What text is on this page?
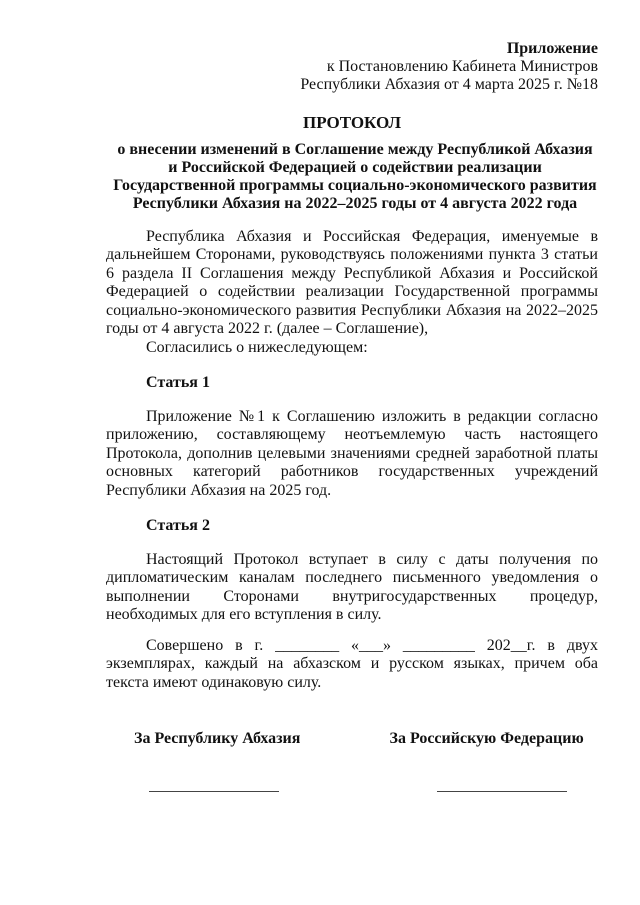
Приложение
к Постановлению Кабинета Министров
Республики Абхазия от 4 марта 2025 г. №18
ПРОТОКОЛ
о внесении изменений в Соглашение между Республикой Абхазия и Российской Федерацией о содействии реализации Государственной программы социально-экономического развития Республики Абхазия на 2022–2025 годы от 4 августа 2022 года
Республика Абхазия и Российская Федерация, именуемые в дальнейшем Сторонами, руководствуясь положениями пункта 3 статьи 6 раздела II Соглашения между Республикой Абхазия и Российской Федерацией о содействии реализации Государственной программы социально-экономического развития Республики Абхазия на 2022–2025 годы от 4 августа 2022 г. (далее – Соглашение),
Согласились о нижеследующем:
Статья 1
Приложение №1 к Соглашению изложить в редакции согласно приложению, составляющему неотъемлемую часть настоящего Протокола, дополнив целевыми значениями средней заработной платы основных категорий работников государственных учреждений Республики Абхазия на 2025 год.
Статья 2
Настоящий Протокол вступает в силу с даты получения по дипломатическим каналам последнего письменного уведомления о выполнении Сторонами внутригосударственных процедур, необходимых для его вступления в силу.
Совершено в г. ________ «___» _________ 202__г. в двух экземплярах, каждый на абхазском и русском языках, причем оба текста имеют одинаковую силу.
За Республику Абхазия	За Российскую Федерацию
